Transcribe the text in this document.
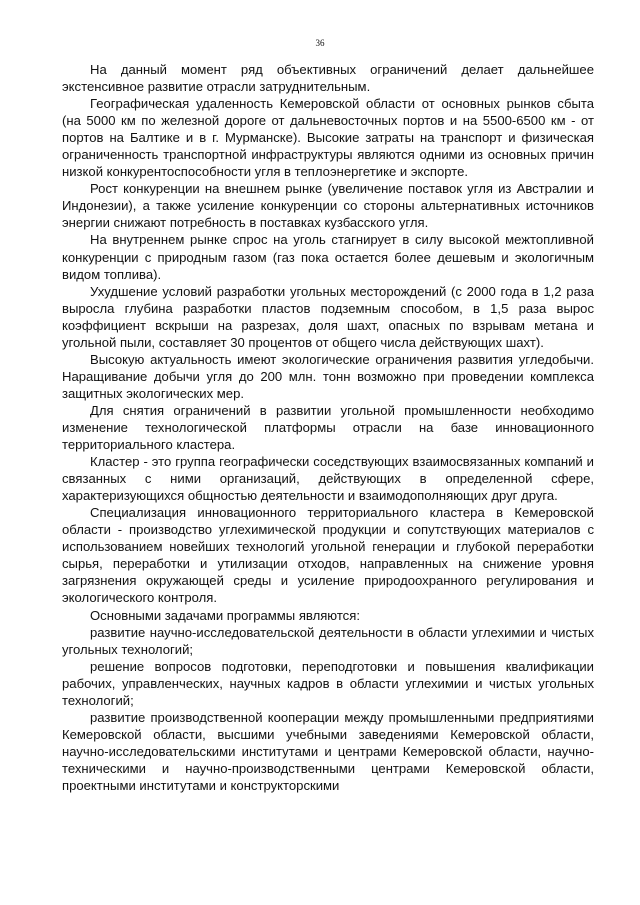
36

На данный момент ряд объективных ограничений делает дальнейшее экстенсивное развитие отрасли затруднительным.

Географическая удаленность Кемеровской области от основных рынков сбыта (на 5000 км по железной дороге от дальневосточных портов и на 5500-6500 км - от портов на Балтике и в г. Мурманске). Высокие затраты на транспорт и физическая ограниченность транспортной инфраструктуры являются одними из основных причин низкой конкурентоспособности угля в теплоэнергетике и экспорте.

Рост конкуренции на внешнем рынке (увеличение поставок угля из Австралии и Индонезии), а также усиление конкуренции со стороны альтернативных источников энергии снижают потребность в поставках кузбасского угля.

На внутреннем рынке спрос на уголь стагнирует в силу высокой межтопливной конкуренции с природным газом (газ пока остается более дешевым и экологичным видом топлива).

Ухудшение условий разработки угольных месторождений (с 2000 года в 1,2 раза выросла глубина разработки пластов подземным способом, в 1,5 раза вырос коэффициент вскрыши на разрезах, доля шахт, опасных по взрывам метана и угольной пыли, составляет 30 процентов от общего числа действующих шахт).

Высокую актуальность имеют экологические ограничения развития угледобычи. Наращивание добычи угля до 200 млн. тонн возможно при проведении комплекса защитных экологических мер.

Для снятия ограничений в развитии угольной промышленности необходимо изменение технологической платформы отрасли на базе инновационного территориального кластера.

Кластер - это группа географически соседствующих взаимосвязанных компаний и связанных с ними организаций, действующих в определенной сфере, характеризующихся общностью деятельности и взаимодополняющих друг друга.

Специализация инновационного территориального кластера в Кемеровской области - производство углехимической продукции и сопутствующих материалов с использованием новейших технологий угольной генерации и глубокой переработки сырья, переработки и утилизации отходов, направленных на снижение уровня загрязнения окружающей среды и усиление природоохранного регулирования и экологического контроля.

Основными задачами программы являются:

развитие научно-исследовательской деятельности в области углехимии и чистых угольных технологий;

решение вопросов подготовки, переподготовки и повышения квалификации рабочих, управленческих, научных кадров в области углехимии и чистых угольных технологий;

развитие производственной кооперации между промышленными предприятиями Кемеровской области, высшими учебными заведениями Кемеровской области, научно-исследовательскими институтами и центрами Кемеровской области, научно-техническими и научно-производственными центрами Кемеровской области, проектными институтами и конструкторскими
